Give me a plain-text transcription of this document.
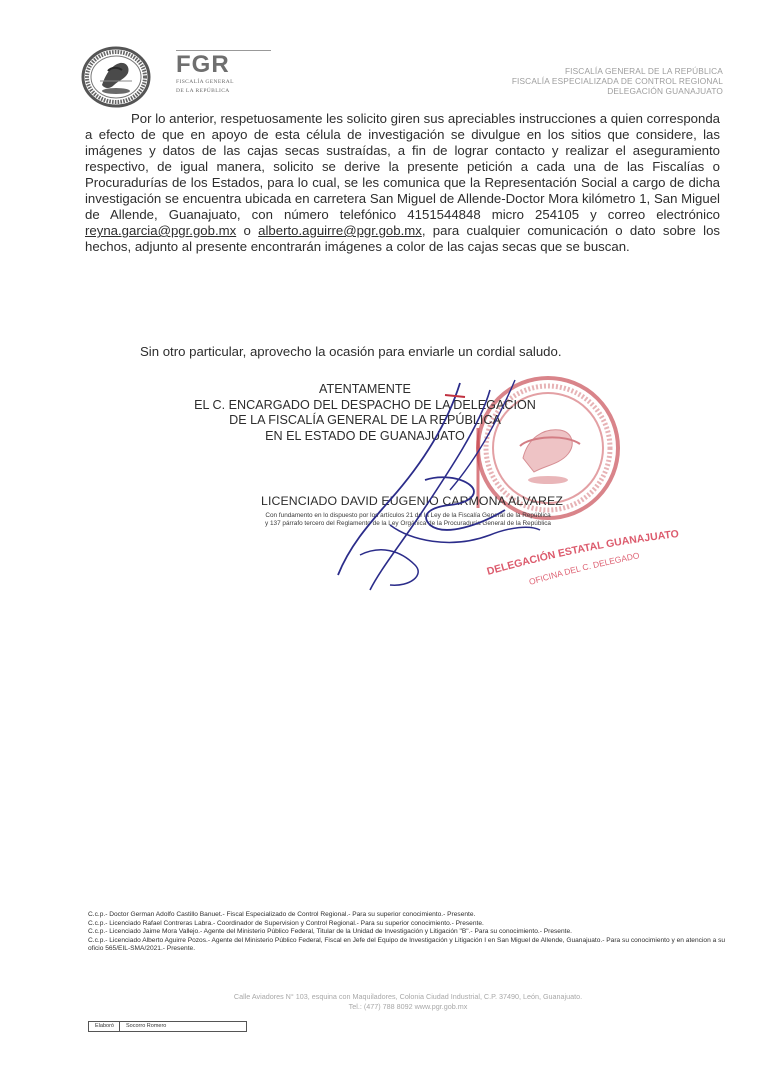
FGR
FISCALÍA GENERAL
DE LA REPÚBLICA
FISCALÍA GENERAL DE LA REPÚBLICA
FISCALÍA ESPECIALIZADA DE CONTROL REGIONAL
DELEGACIÓN GUANAJUATO
Por lo anterior, respetuosamente les solicito giren sus apreciables instrucciones a quien corresponda a efecto de que en apoyo de esta célula de investigación se divulgue en los sitios que considere, las imágenes y datos de las cajas secas sustraídas, a fin de lograr contacto y realizar el aseguramiento respectivo, de igual manera, solicito se derive la presente petición a cada una de las Fiscalías o Procuradurías de los Estados, para lo cual, se les comunica que la Representación Social a cargo de dicha investigación se encuentra ubicada en carretera San Miguel de Allende-Doctor Mora kilómetro 1, San Miguel de Allende, Guanajuato, con número telefónico 4151544848 micro 254105 y correo electrónico reyna.garcia@pgr.gob.mx o alberto.aguirre@pgr.gob.mx, para cualquier comunicación o dato sobre los hechos, adjunto al presente encontrarán imágenes a color de las cajas secas que se buscan.
Sin otro particular, aprovecho la ocasión para enviarle un cordial saludo.
ATENTAMENTE
EL C. ENCARGADO DEL DESPACHO DE LA DELEGACION
DE LA FISCALÍA GENERAL DE LA REPÚBLICA
EN EL ESTADO DE GUANAJUATO
LICENCIADO DAVID EUGENIO CARMONA ALVAREZ
Con fundamento en lo dispuesto por los artículos 21 de la Ley de la Fiscalía General de la República
y 137 párrafo tercero del Reglamento de la Ley Orgánica de la Procuraduría General de la República
DELEGACIÓN ESTATAL GUANAJUATO
OFICINA DEL C. DELEGADO
C.c.p.- Doctor German Adolfo Castillo Banuet.- Fiscal Especializado de Control Regional.- Para su superior conocimiento.- Presente.
C.c.p.- Licenciado Rafael Contreras Labra.- Coordinador de Supervision y Control Regional.- Para su superior conocimiento.- Presente.
C.c.p.- Licenciado Jaime Mora Vallejo.- Agente del Ministerio Público Federal, Titular de la Unidad de Investigación y Litigación "B".- Para su conocimiento.- Presente.
C.c.p.- Licenciado Alberto Aguirre Pozos.- Agente del Ministerio Público Federal, Fiscal en Jefe del Equipo de Investigación y Litigación I en San Miguel de Allende, Guanajuato.- Para su conocimiento y en atencion a su oficio 565/EIL-SMA/2021.- Presente.
Calle Aviadores N° 103, esquina con Maquiladores, Colonia Ciudad Industrial, C.P. 37490, León, Guanajuato.
Tel.: (477) 788 8092 www.pgr.gob.mx
Elaboró	Socorro Romero
